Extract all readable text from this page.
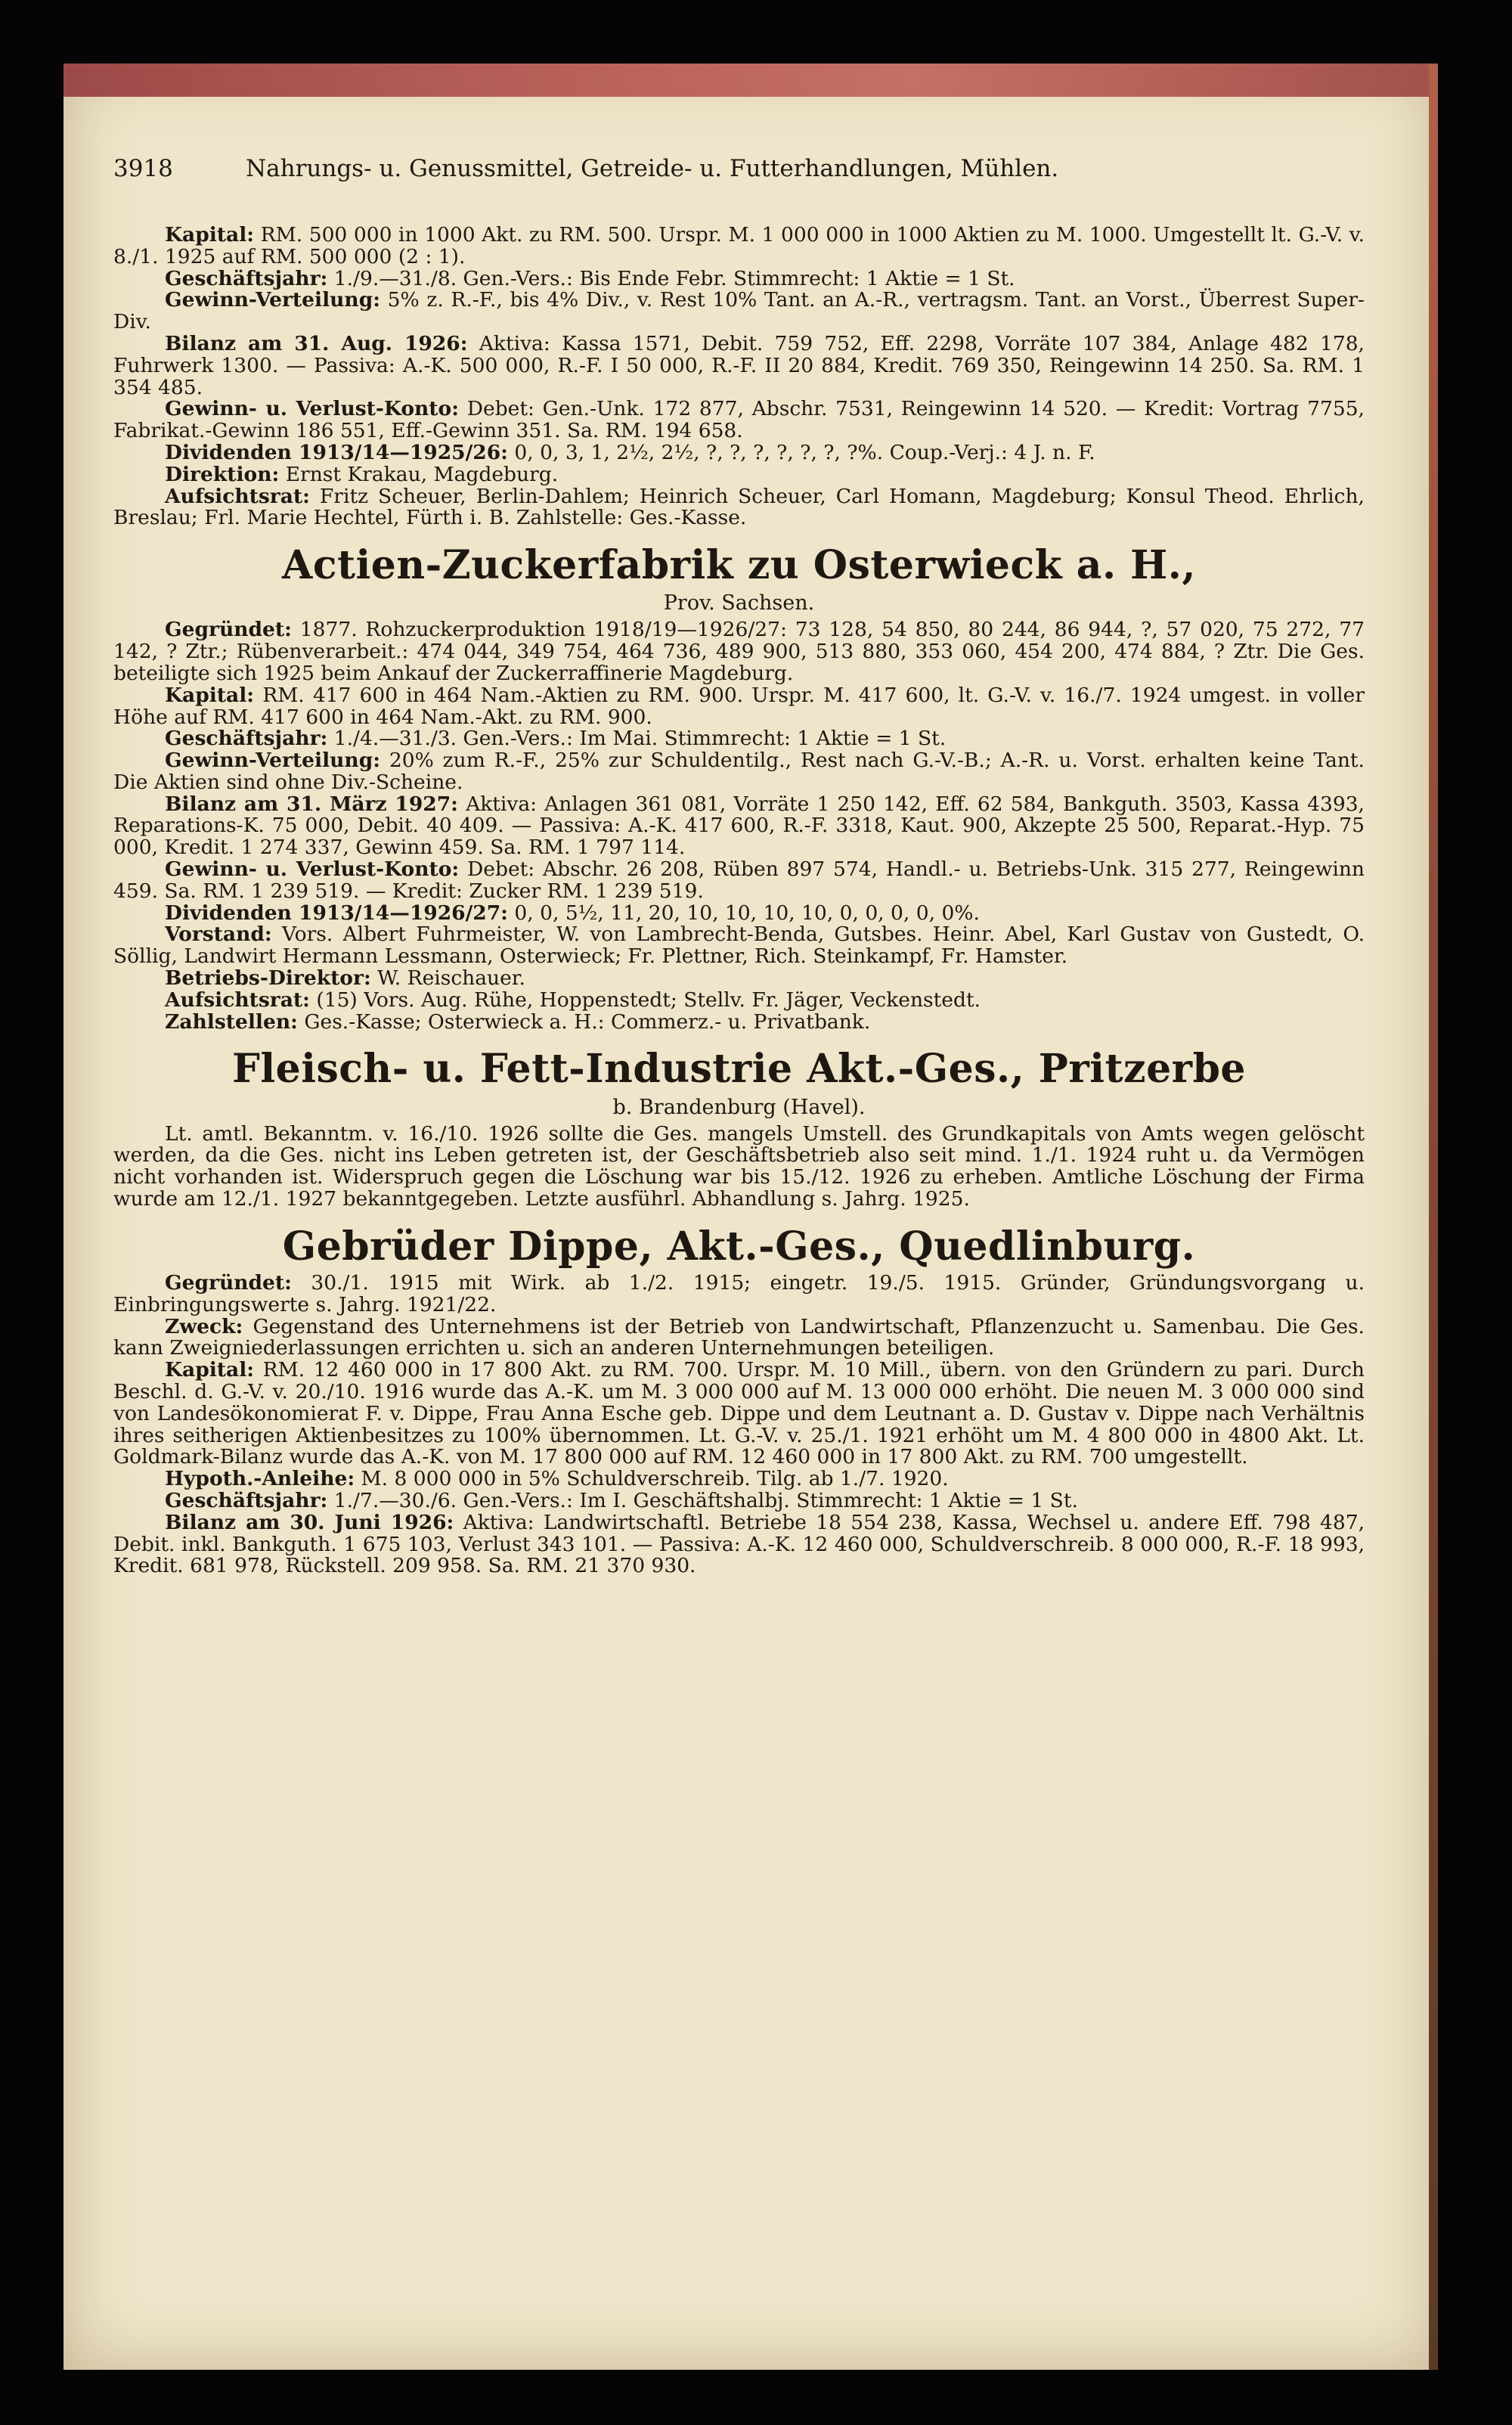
3918	Nahrungs- u. Genussmittel, Getreide- u. Futterhandlungen, Mühlen.

Kapital: RM. 500 000 in 1000 Akt. zu RM. 500. Urspr. M. 1 000 000 in 1000 Aktien zu M. 1000. Umgestellt lt. G.-V. v. 8./1. 1925 auf RM. 500 000 (2 : 1).

Geschäftsjahr: 1./9.—31./8. Gen.-Vers.: Bis Ende Febr. Stimmrecht: 1 Aktie = 1 St.

Gewinn-Verteilung: 5% z. R.-F., bis 4% Div., v. Rest 10% Tant. an A.-R., vertragsm. Tant. an Vorst., Überrest Super-Div.

Bilanz am 31. Aug. 1926: Aktiva: Kassa 1571, Debit. 759 752, Eff. 2298, Vorräte 107 384, Anlage 482 178, Fuhrwerk 1300. — Passiva: A.-K. 500 000, R.-F. I 50 000, R.-F. II 20 884, Kredit. 769 350, Reingewinn 14 250. Sa. RM. 1 354 485.

Gewinn- u. Verlust-Konto: Debet: Gen.-Unk. 172 877, Abschr. 7531, Reingewinn 14 520. — Kredit: Vortrag 7755, Fabrikat.-Gewinn 186 551, Eff.-Gewinn 351. Sa. RM. 194 658.

Dividenden 1913/14—1925/26: 0, 0, 3, 1, 2½, 2½, ?, ?, ?, ?, ?, ?, ?%. Coup.-Verj.: 4 J. n. F.

Direktion: Ernst Krakau, Magdeburg.

Aufsichtsrat: Fritz Scheuer, Berlin-Dahlem; Heinrich Scheuer, Carl Homann, Magdeburg; Konsul Theod. Ehrlich, Breslau; Frl. Marie Hechtel, Fürth i. B. Zahlstelle: Ges.-Kasse.

Actien-Zuckerfabrik zu Osterwieck a. H.,
Prov. Sachsen.

Gegründet: 1877. Rohzuckerproduktion 1918/19—1926/27: 73 128, 54 850, 80 244, 86 944, ?, 57 020, 75 272, 77 142, ? Ztr.; Rübenverarbeit.: 474 044, 349 754, 464 736, 489 900, 513 880, 353 060, 454 200, 474 884, ? Ztr. Die Ges. beteiligte sich 1925 beim Ankauf der Zuckerraffinerie Magdeburg.

Kapital: RM. 417 600 in 464 Nam.-Aktien zu RM. 900. Urspr. M. 417 600, lt. G.-V. v. 16./7. 1924 umgest. in voller Höhe auf RM. 417 600 in 464 Nam.-Akt. zu RM. 900.

Geschäftsjahr: 1./4.—31./3. Gen.-Vers.: Im Mai. Stimmrecht: 1 Aktie = 1 St.

Gewinn-Verteilung: 20% zum R.-F., 25% zur Schuldentilg., Rest nach G.-V.-B.; A.-R. u. Vorst. erhalten keine Tant. Die Aktien sind ohne Div.-Scheine.

Bilanz am 31. März 1927: Aktiva: Anlagen 361 081, Vorräte 1 250 142, Eff. 62 584, Bankguth. 3503, Kassa 4393, Reparations-K. 75 000, Debit. 40 409. — Passiva: A.-K. 417 600, R.-F. 3318, Kaut. 900, Akzepte 25 500, Reparat.-Hyp. 75 000, Kredit. 1 274 337, Gewinn 459. Sa. RM. 1 797 114.

Gewinn- u. Verlust-Konto: Debet: Abschr. 26 208, Rüben 897 574, Handl.- u. Betriebs-Unk. 315 277, Reingewinn 459. Sa. RM. 1 239 519. — Kredit: Zucker RM. 1 239 519.

Dividenden 1913/14—1926/27: 0, 0, 5½, 11, 20, 10, 10, 10, 10, 0, 0, 0, 0, 0%.

Vorstand: Vors. Albert Fuhrmeister, W. von Lambrecht-Benda, Gutsbes. Heinr. Abel, Karl Gustav von Gustedt, O. Söllig, Landwirt Hermann Lessmann, Osterwieck; Fr. Plettner, Rich. Steinkampf, Fr. Hamster.

Betriebs-Direktor: W. Reischauer.

Aufsichtsrat: (15) Vors. Aug. Rühe, Hoppenstedt; Stellv. Fr. Jäger, Veckenstedt.

Zahlstellen: Ges.-Kasse; Osterwieck a. H.: Commerz.- u. Privatbank.

Fleisch- u. Fett-Industrie Akt.-Ges., Pritzerbe
b. Brandenburg (Havel).

Lt. amtl. Bekanntm. v. 16./10. 1926 sollte die Ges. mangels Umstell. des Grundkapitals von Amts wegen gelöscht werden, da die Ges. nicht ins Leben getreten ist, der Geschäftsbetrieb also seit mind. 1./1. 1924 ruht u. da Vermögen nicht vorhanden ist. Widerspruch gegen die Löschung war bis 15./12. 1926 zu erheben. Amtliche Löschung der Firma wurde am 12./1. 1927 bekanntgegeben. Letzte ausführl. Abhandlung s. Jahrg. 1925.

Gebrüder Dippe, Akt.-Ges., Quedlinburg.

Gegründet: 30./1. 1915 mit Wirk. ab 1./2. 1915; eingetr. 19./5. 1915. Gründer, Gründungsvorgang u. Einbringungswerte s. Jahrg. 1921/22.

Zweck: Gegenstand des Unternehmens ist der Betrieb von Landwirtschaft, Pflanzenzucht u. Samenbau. Die Ges. kann Zweigniederlassungen errichten u. sich an anderen Unternehmungen beteiligen.

Kapital: RM. 12 460 000 in 17 800 Akt. zu RM. 700. Urspr. M. 10 Mill., übern. von den Gründern zu pari. Durch Beschl. d. G.-V. v. 20./10. 1916 wurde das A.-K. um M. 3 000 000 auf M. 13 000 000 erhöht. Die neuen M. 3 000 000 sind von Landesökonomierat F. v. Dippe, Frau Anna Esche geb. Dippe und dem Leutnant a. D. Gustav v. Dippe nach Verhältnis ihres seitherigen Aktienbesitzes zu 100% übernommen. Lt. G.-V. v. 25./1. 1921 erhöht um M. 4 800 000 in 4800 Akt. Lt. Goldmark-Bilanz wurde das A.-K. von M. 17 800 000 auf RM. 12 460 000 in 17 800 Akt. zu RM. 700 umgestellt.

Hypoth.-Anleihe: M. 8 000 000 in 5% Schuldverschreib. Tilg. ab 1./7. 1920.

Geschäftsjahr: 1./7.—30./6. Gen.-Vers.: Im I. Geschäftshalbj. Stimmrecht: 1 Aktie = 1 St.

Bilanz am 30. Juni 1926: Aktiva: Landwirtschaftl. Betriebe 18 554 238, Kassa, Wechsel u. andere Eff. 798 487, Debit. inkl. Bankguth. 1 675 103, Verlust 343 101. — Passiva: A.-K. 12 460 000, Schuldverschreib. 8 000 000, R.-F. 18 993, Kredit. 681 978, Rückstell. 209 958. Sa. RM. 21 370 930.
